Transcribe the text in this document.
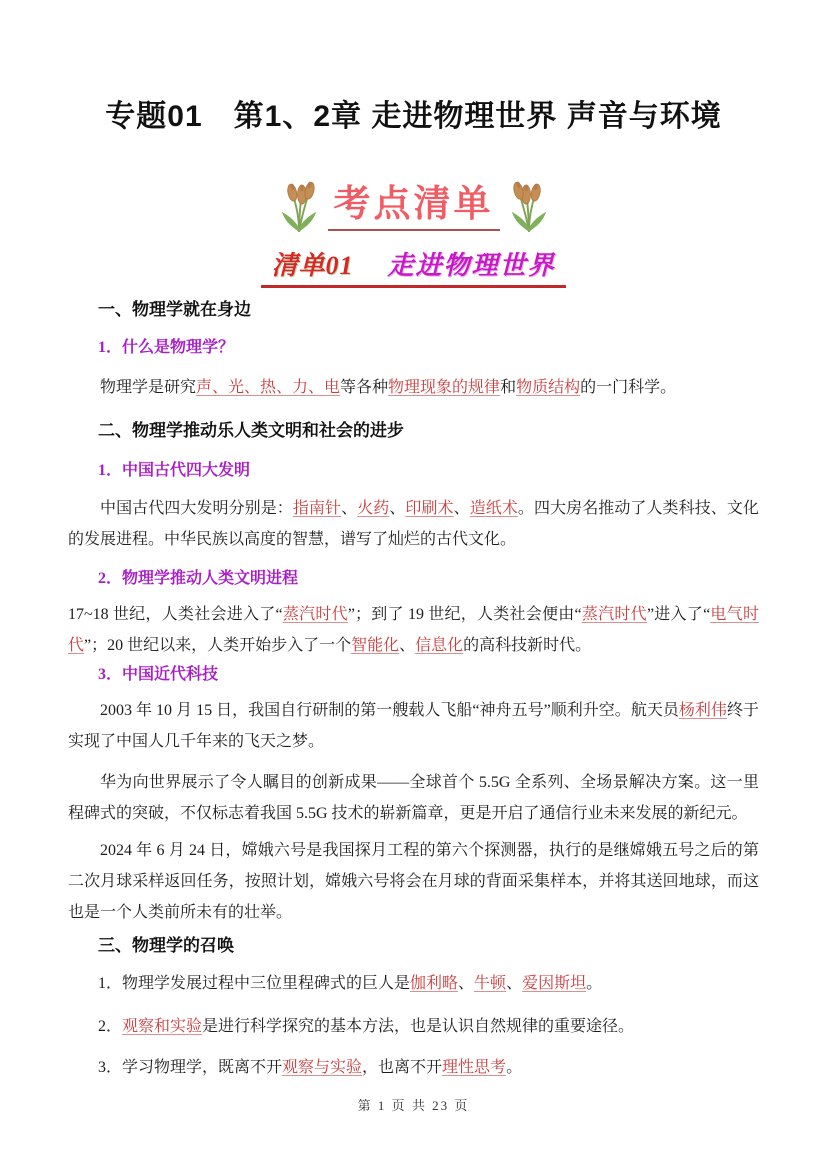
专题01　第1、2章 走进物理世界 声音与环境
考点清单
清单01 走进物理世界
一、物理学就在身边
1．什么是物理学？

物理学是研究声、光、热、力、电等各种物理现象的规律和物质结构的一门科学。

二、物理学推动乐人类文明和社会的进步
1．中国古代四大发明

中国古代四大发明分别是：指南针、火药、印刷术、造纸术。四大房名推动了人类科技、文化的发展进程。中华民族以高度的智慧，谱写了灿烂的古代文化。

2．物理学推动人类文明进程

17~18 世纪，人类社会进入了“蒸汽时代”；到了 19 世纪，人类社会便由“蒸汽时代”进入了“电气时代”；20 世纪以来，人类开始步入了一个智能化、信息化的高科技新时代。

3．中国近代科技

2003 年 10 月 15 日，我国自行研制的第一艘载人飞船“神舟五号”顺利升空。航天员杨利伟终于实现了中国人几千年来的飞天之梦。

华为向世界展示了令人瞩目的创新成果——全球首个 5.5G 全系列、全场景解决方案。这一里程碑式的突破，不仅标志着我国 5.5G 技术的崭新篇章，更是开启了通信行业未来发展的新纪元。

2024 年 6 月 24 日，嫦娥六号是我国探月工程的第六个探测器，执行的是继嫦娥五号之后的第二次月球采样返回任务，按照计划，嫦娥六号将会在月球的背面采集样本，并将其送回地球，而这也是一个人类前所未有的壮举。

三、物理学的召唤

1．物理学发展过程中三位里程碑式的巨人是伽利略、牛顿、爱因斯坦。

2．观察和实验是进行科学探究的基本方法，也是认识自然规律的重要途径。

3．学习物理学，既离不开观察与实验，也离不开理性思考。

第 1 页 共 23 页
